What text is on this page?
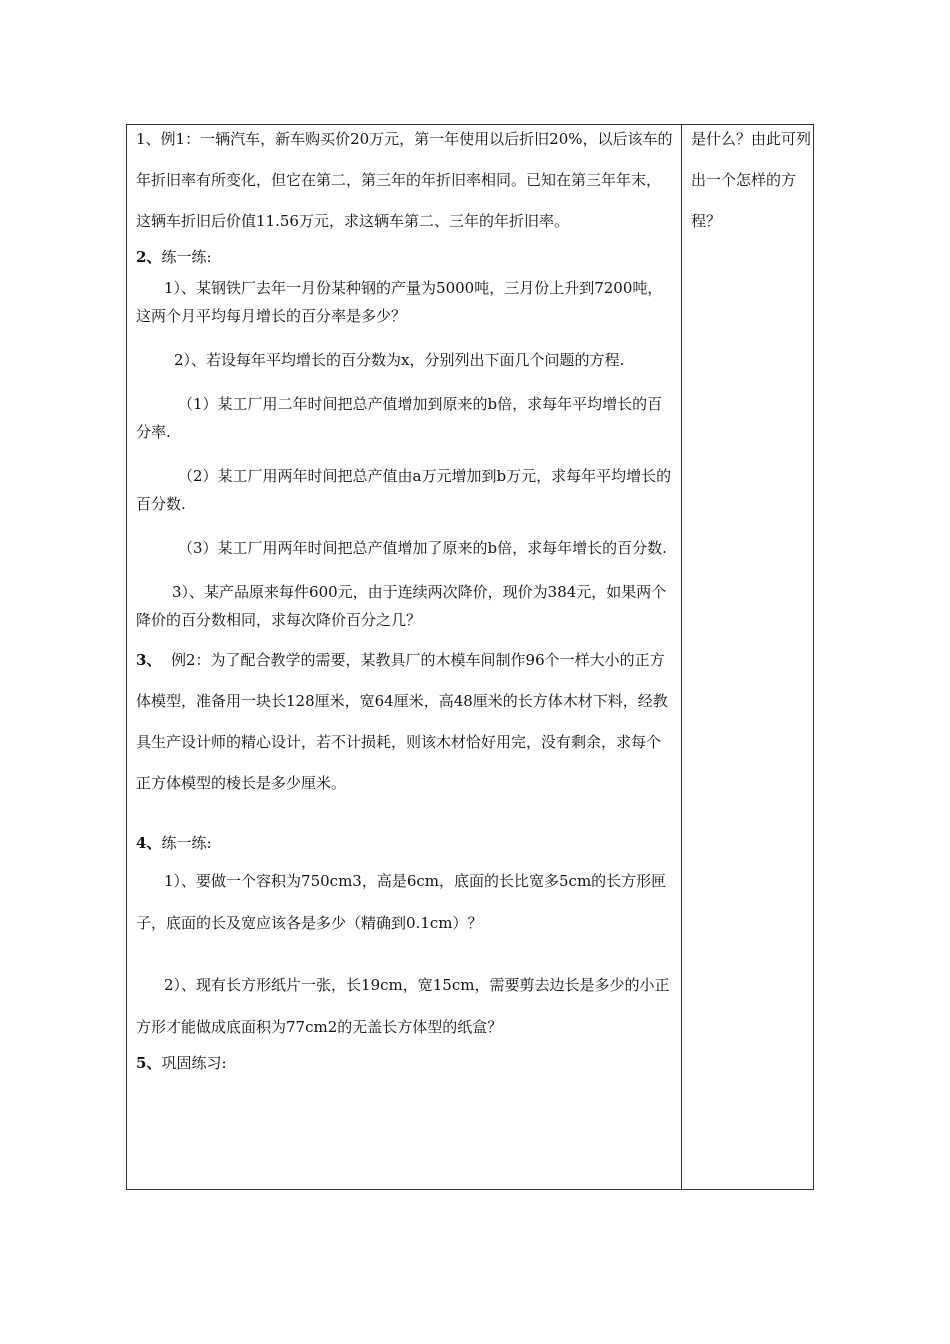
1、例1：一辆汽车，新车购买价20万元，第一年使用以后折旧20%，以后该车的年折旧率有所变化，但它在第二，第三年的年折旧率相同。已知在第三年年末，这辆车折旧后价值11.56万元，求这辆车第二、三年的年折旧率。

2、练一练:

1）、某钢铁厂去年一月份某种钢的产量为5000吨，三月份上升到7200吨，这两个月平均每月增长的百分率是多少？

2）、若设每年平均增长的百分数为x，分别列出下面几个问题的方程.

（1）某工厂用二年时间把总产值增加到原来的b倍，求每年平均增长的百分率.

（2）某工厂用两年时间把总产值由a万元增加到b万元，求每年平均增长的百分数.

（3）某工厂用两年时间把总产值增加了原来的b倍，求每年增长的百分数.

3）、某产品原来每件600元，由于连续两次降价，现价为384元，如果两个降价的百分数相同，求每次降价百分之几？

3、 例2：为了配合教学的需要，某教具厂的木模车间制作96个一样大小的正方体模型，准备用一块长128厘米，宽64厘米，高48厘米的长方体木材下料，经教具生产设计师的精心设计，若不计损耗，则该木材恰好用完，没有剩余，求每个正方体模型的棱长是多少厘米。

4、练一练:

1）、要做一个容积为750cm3，高是6cm，底面的长比宽多5cm的长方形匣子，底面的长及宽应该各是多少（精确到0.1cm）？

2）、现有长方形纸片一张，长19cm，宽15cm，需要剪去边长是多少的小正方形才能做成底面积为77cm2的无盖长方体型的纸盒？

5、巩固练习:

是什么？由此可列出一个怎样的方程？
